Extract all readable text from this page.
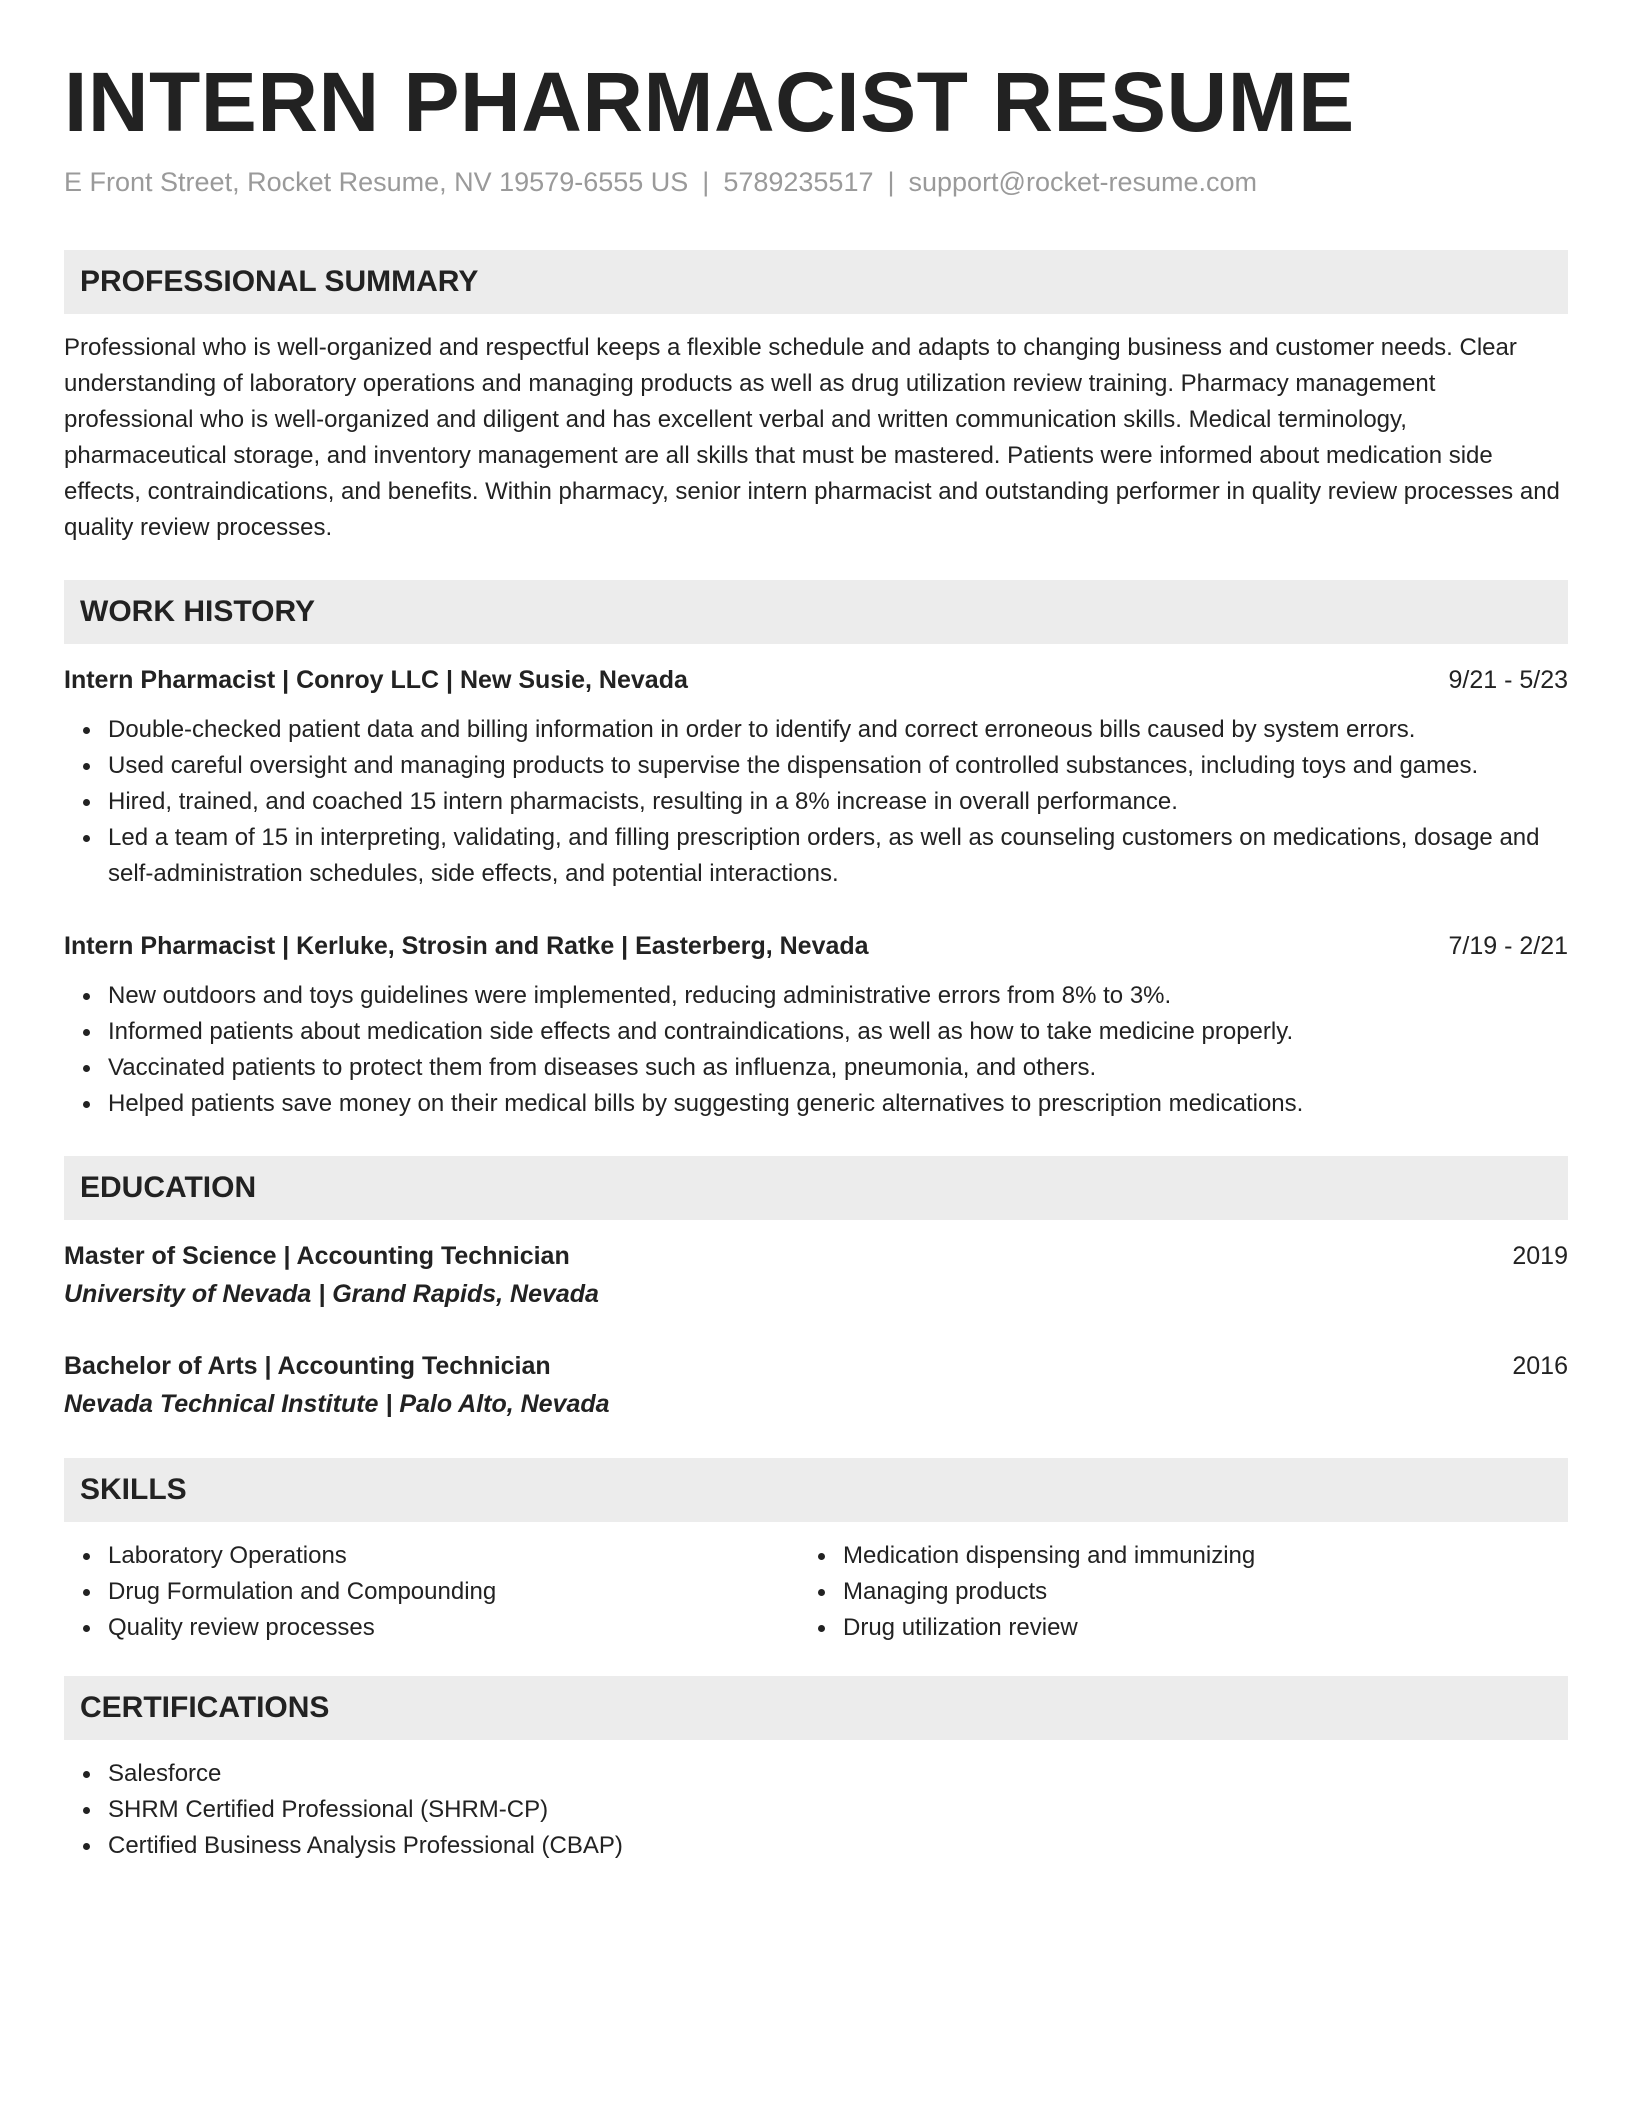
INTERN PHARMACIST RESUME
E Front Street, Rocket Resume, NV 19579-6555 US | 5789235517 | support@rocket-resume.com
PROFESSIONAL SUMMARY

Professional who is well-organized and respectful keeps a flexible schedule and adapts to changing business and customer needs. Clear understanding of laboratory operations and managing products as well as drug utilization review training. Pharmacy management professional who is well-organized and diligent and has excellent verbal and written communication skills. Medical terminology, pharmaceutical storage, and inventory management are all skills that must be mastered. Patients were informed about medication side effects, contraindications, and benefits. Within pharmacy, senior intern pharmacist and outstanding performer in quality review processes and quality review processes.

WORK HISTORY
Intern Pharmacist | Conroy LLC | New Susie, Nevada	9/21 - 5/23
Double-checked patient data and billing information in order to identify and correct erroneous bills caused by system errors.
Used careful oversight and managing products to supervise the dispensation of controlled substances, including toys and games.
Hired, trained, and coached 15 intern pharmacists, resulting in a 8% increase in overall performance.
Led a team of 15 in interpreting, validating, and filling prescription orders, as well as counseling customers on medications, dosage and self-administration schedules, side effects, and potential interactions.
Intern Pharmacist | Kerluke, Strosin and Ratke | Easterberg, Nevada	7/19 - 2/21
New outdoors and toys guidelines were implemented, reducing administrative errors from 8% to 3%.
Informed patients about medication side effects and contraindications, as well as how to take medicine properly.
Vaccinated patients to protect them from diseases such as influenza, pneumonia, and others.
Helped patients save money on their medical bills by suggesting generic alternatives to prescription medications.
EDUCATION
Master of Science | Accounting Technician	2019
University of Nevada | Grand Rapids, Nevada
Bachelor of Arts | Accounting Technician	2016
Nevada Technical Institute | Palo Alto, Nevada
SKILLS
Laboratory Operations
Drug Formulation and Compounding
Quality review processes
Medication dispensing and immunizing
Managing products
Drug utilization review
CERTIFICATIONS
Salesforce
SHRM Certified Professional (SHRM-CP)
Certified Business Analysis Professional (CBAP)
